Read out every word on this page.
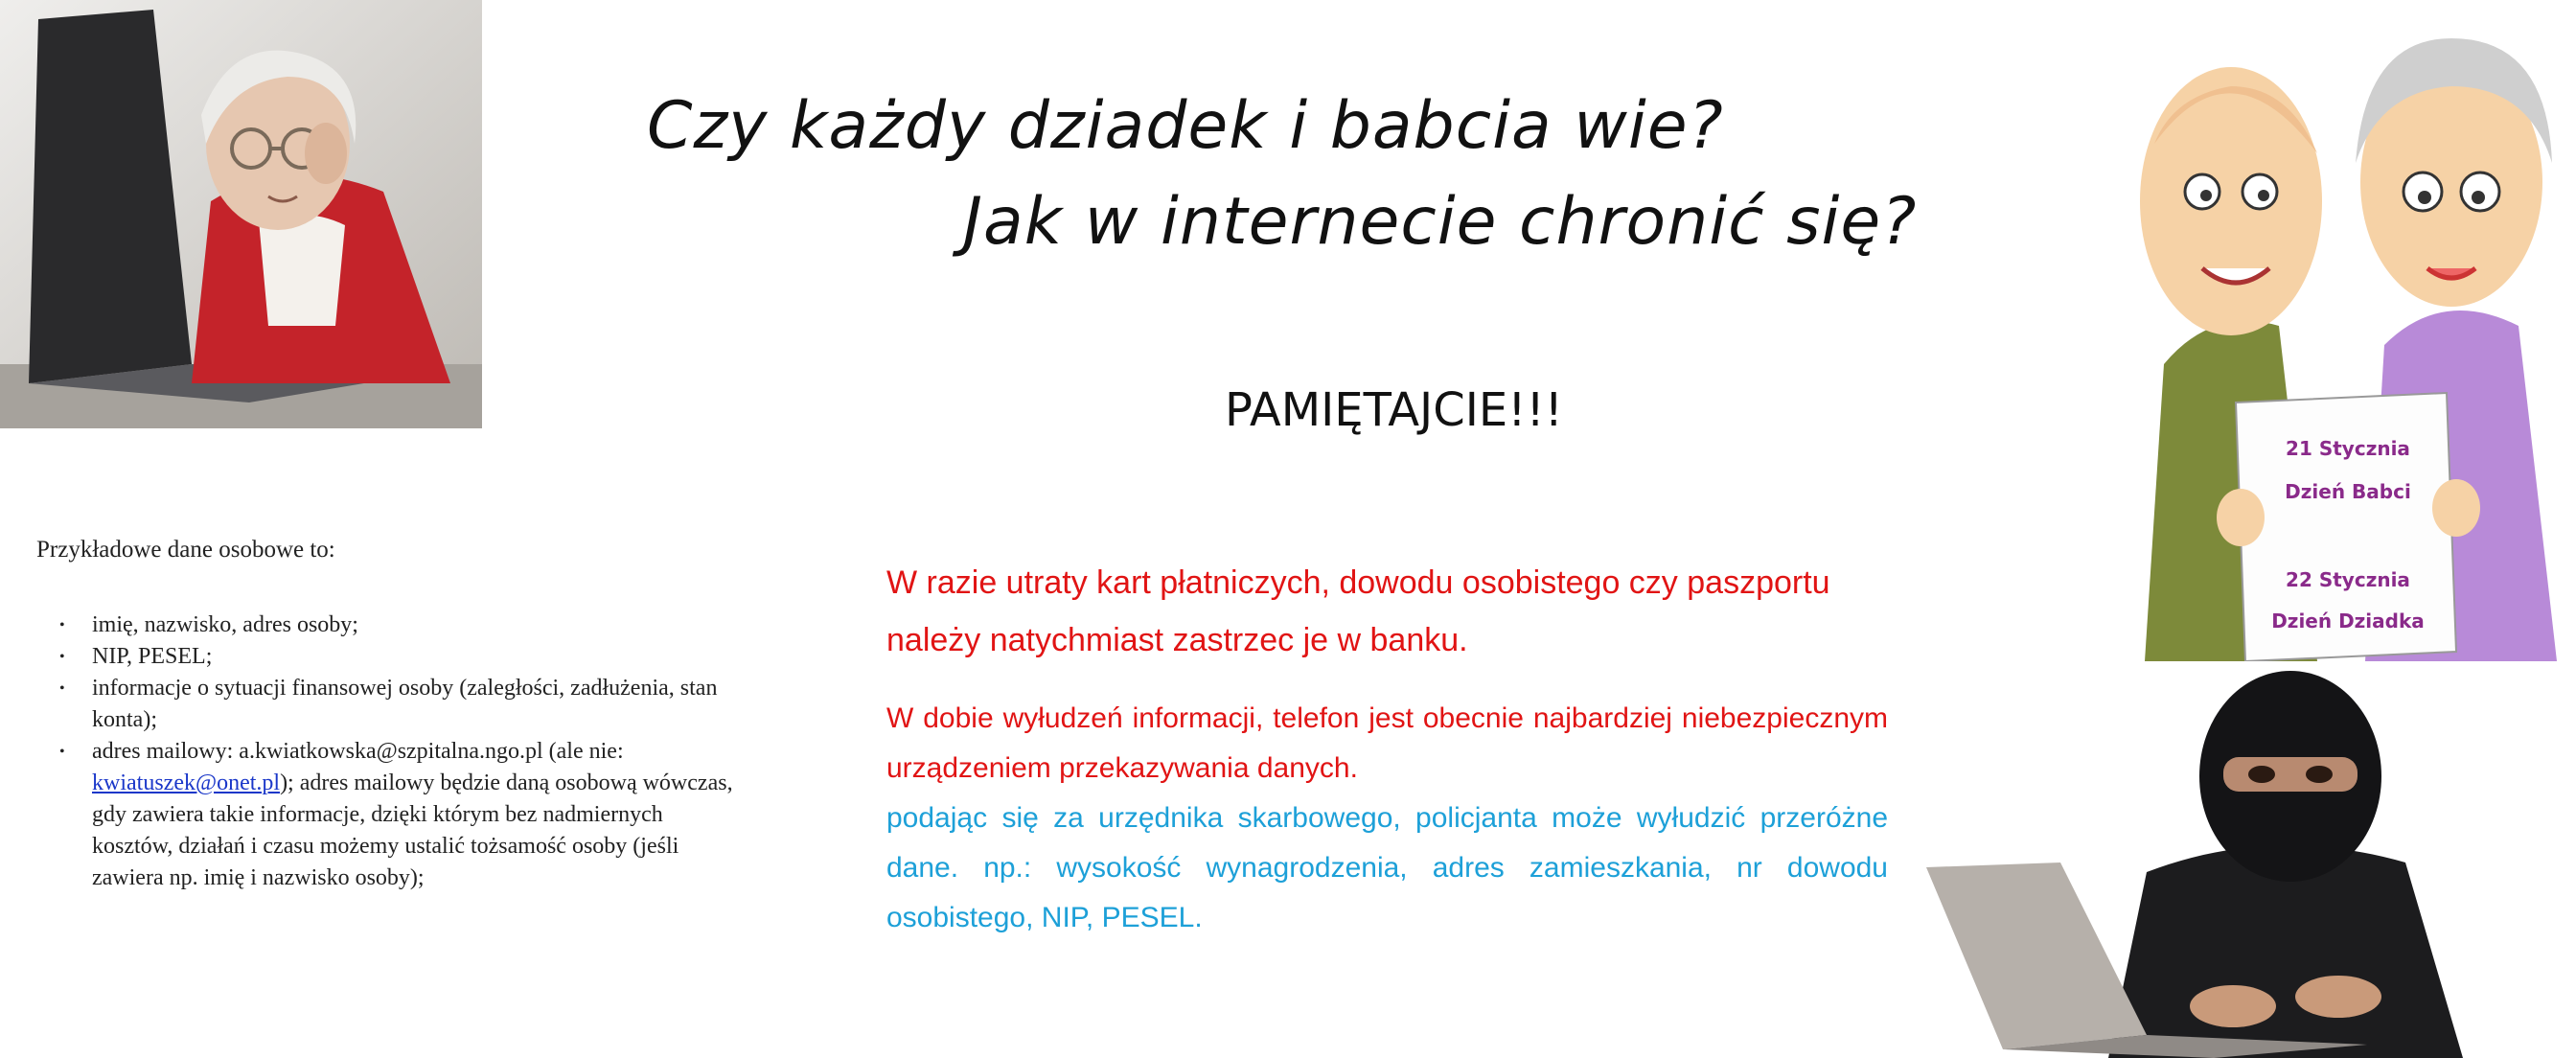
Czy każdy dziadek i babcia wie?
Jak w internecie chronić się?
PAMIĘTAJCIE!!!
Przykładowe dane osobowe to:
• imię, nazwisko, adres osoby;
• NIP, PESEL;
• informacje o sytuacji finansowej osoby (zaległości, zadłużenia, stan konta);
• adres mailowy: a.kwiatkowska@szpitalna.ngo.pl (ale nie: kwiatuszek@onet.pl); adres mailowy będzie daną osobową wówczas, gdy zawiera takie informacje, dzięki którym bez nadmiernych kosztów, działań i czasu możemy ustalić tożsamość osoby (jeśli zawiera np. imię i nazwisko osoby);
W razie utraty kart płatniczych, dowodu osobistego czy paszportu należy natychmiast zastrzec je w banku.
W dobie wyłudzeń informacji, telefon jest obecnie najbardziej niebezpiecznym urządzeniem przekazywania danych.
podając się za urzędnika skarbowego, policjanta może wyłudzić przeróżne dane. np.: wysokość wynagrodzenia, adres zamieszkania, nr dowodu osobistego, NIP, PESEL.
21 Stycznia
Dzień Babci
22 Stycznia
Dzień Dziadka
